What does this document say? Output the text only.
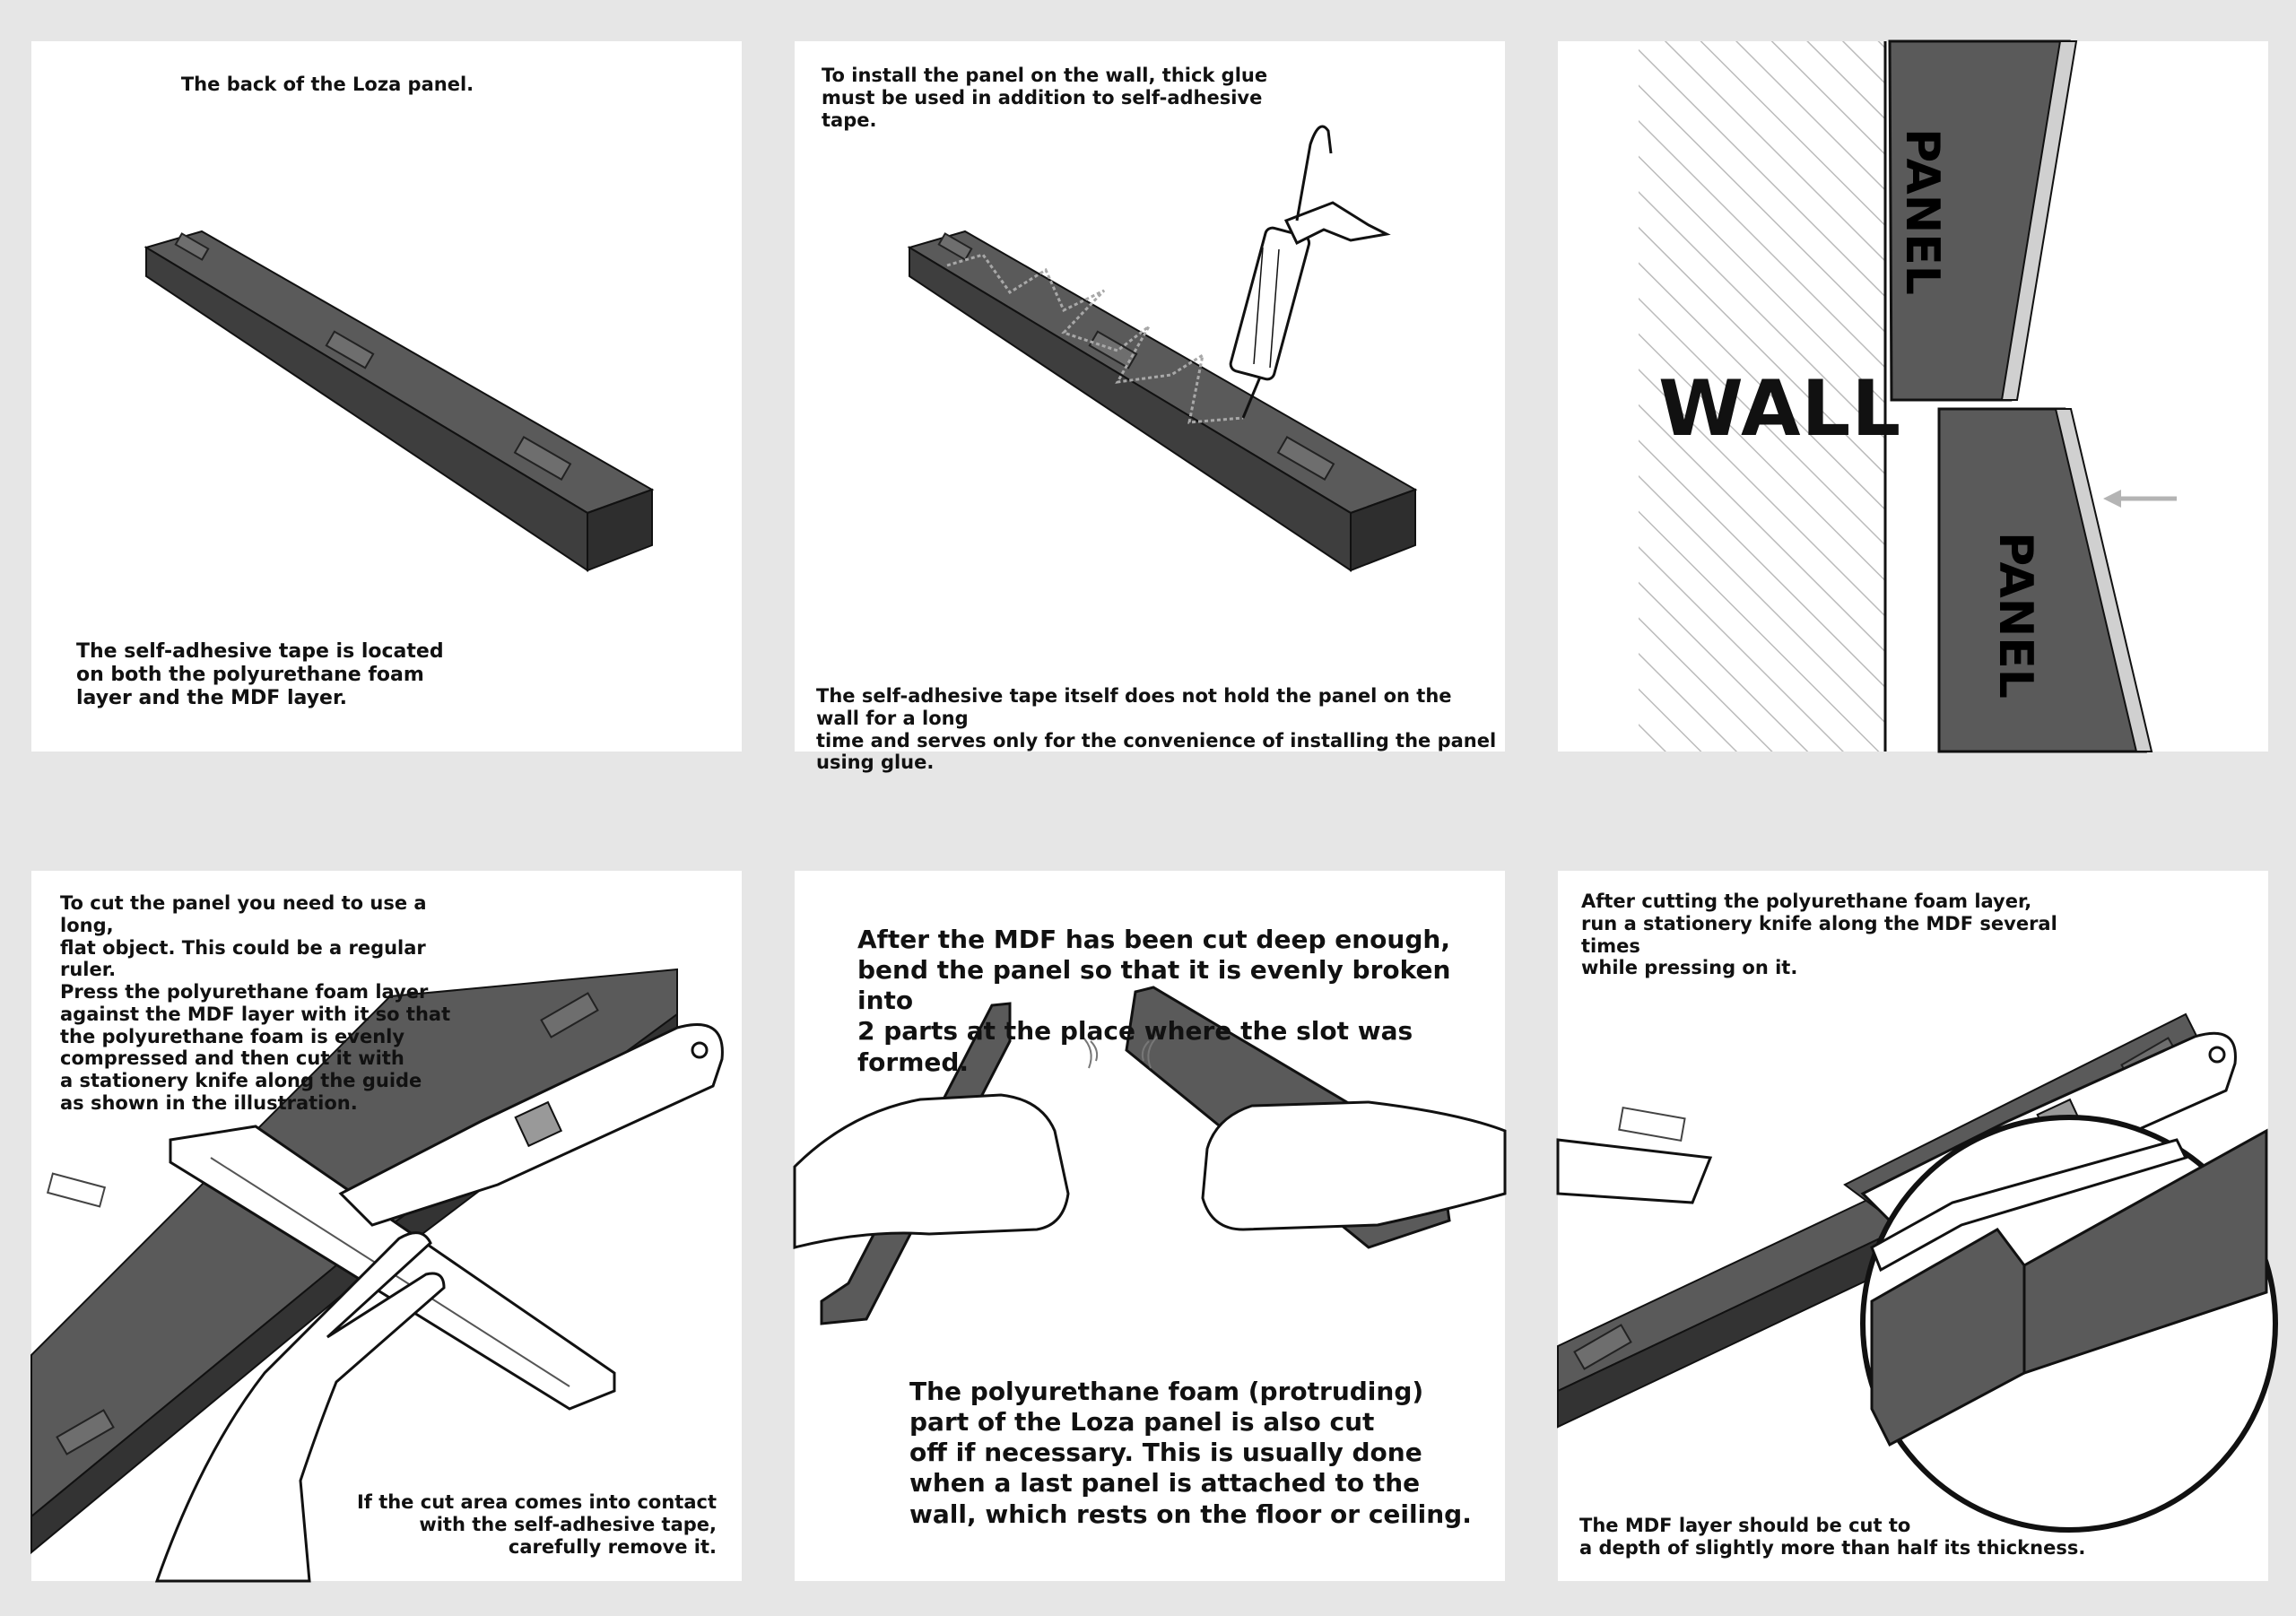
The back of the Loza panel.

The self-adhesive tape is located
on both the polyurethane foam
layer and the MDF layer.

To install the panel on the wall, thick glue
must be used in addition to self-adhesive tape.

The self-adhesive tape itself does not hold the panel on the wall for a long
time and serves only for the convenience of installing the panel using glue.

WALL
PANEL
PANEL

To cut the panel you need to use a long,
flat object. This could be a regular ruler.
Press the polyurethane foam layer
against the MDF layer with it so that
the polyurethane foam is evenly
compressed and then cut it with
a stationery knife along the guide
as shown in the illustration.

If the cut area comes into contact
with the self-adhesive tape,
carefully remove it.

After the MDF has been cut deep enough,
bend the panel so that it is evenly broken into
2 parts at the place where the slot was formed.

The polyurethane foam (protruding)
part of the Loza panel is also cut
off if necessary. This is usually done
when a last panel is attached to the
wall, which rests on the floor or ceiling.

After cutting the polyurethane foam layer,
run a stationery knife along the MDF several times
while pressing on it.

The MDF layer should be cut to
a depth of slightly more than half its thickness.
